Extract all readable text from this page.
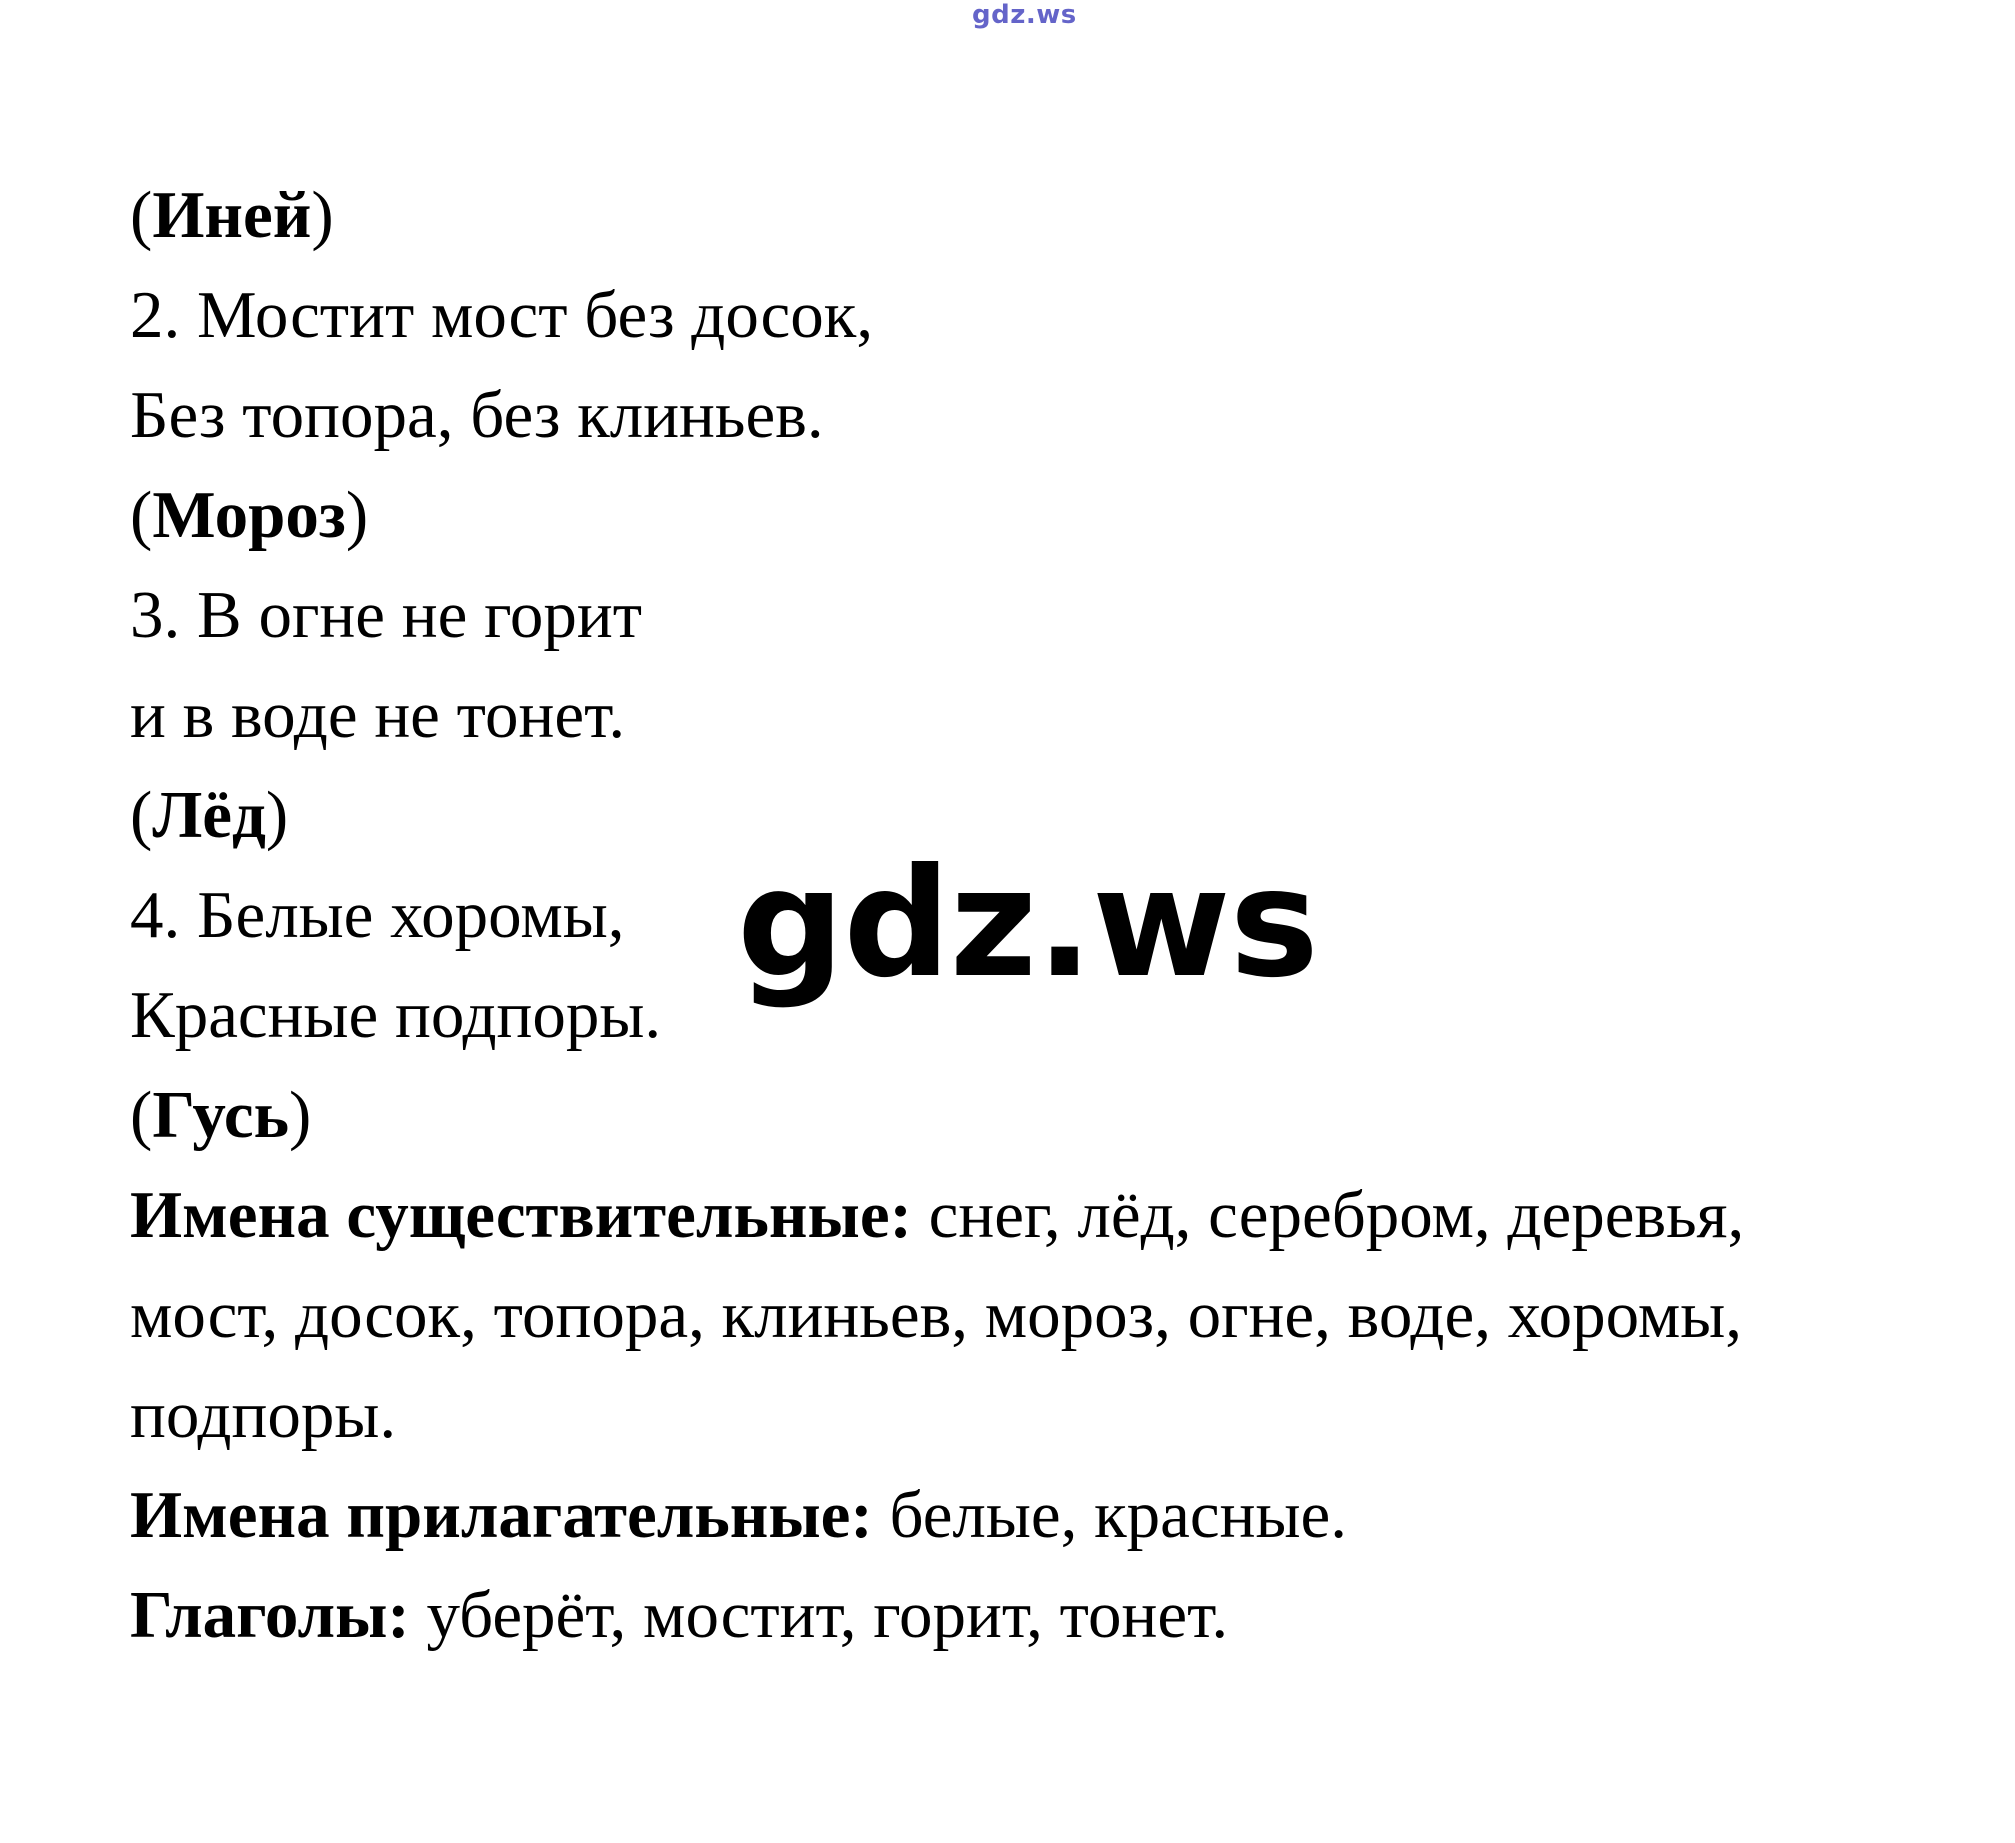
gdz.ws
(Иней)
2. Мостит мост без досок,
Без топора, без клиньев.
(Мороз)
3. В огне не горит
и в воде не тонет.
(Лёд)
4. Белые хоромы,
Красные подпоры.
(Гусь)
Имена существительные: снег, лёд, серебром, деревья,
мост, досок, топора, клиньев, мороз, огне, воде, хоромы,
подпоры.
Имена прилагательные: белые, красные.
Глаголы: уберёт, мостит, горит, тонет.
gdz.ws
